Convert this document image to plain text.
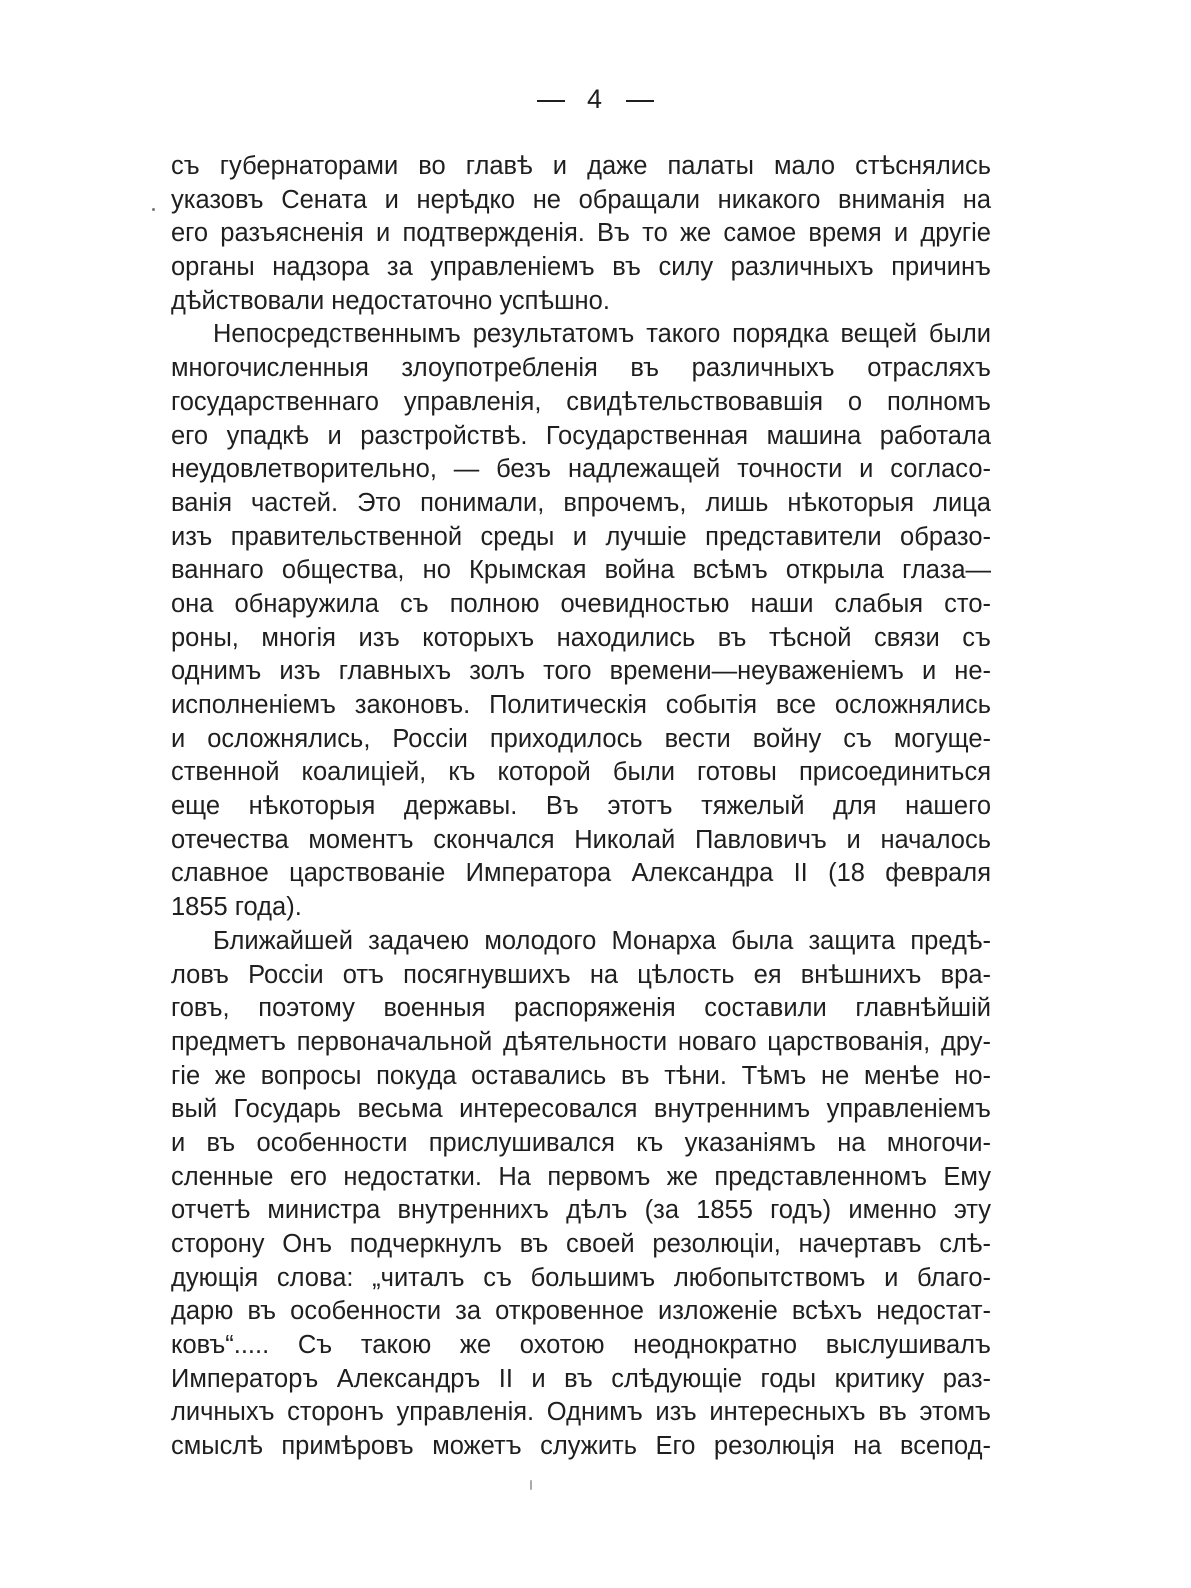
4
съ губернаторами во главѣ и даже палаты мало стѣснялись
указовъ Сената и нерѣдко не обращали никакого вниманія на
его разъясненія и подтвержденія. Въ то же самое время и другіе
органы надзора за управленіемъ въ силу различныхъ причинъ
дѣйствовали недостаточно успѣшно.
Непосредственнымъ результатомъ такого порядка вещей были
многочисленныя злоупотребленія въ различныхъ отрасляхъ
государственнаго управленія, свидѣтельствовавшія о полномъ
его упадкѣ и разстройствѣ. Государственная машина работала
неудовлетворительно, — безъ надлежащей точности и согласо-
ванія частей. Это понимали, впрочемъ, лишь нѣкоторыя лица
изъ правительственной среды и лучшіе представители образо-
ваннаго общества, но Крымская война всѣмъ открыла глаза—
она обнаружила съ полною очевидностью наши слабыя сто-
роны, многія изъ которыхъ находились въ тѣсной связи съ
однимъ изъ главныхъ золъ того времени—неуваженіемъ и не-
исполненіемъ законовъ. Политическія событія все осложнялись
и осложнялись, Россіи приходилось вести войну съ могуще-
ственной коалиціей, къ которой были готовы присоединиться
еще нѣкоторыя державы. Въ этотъ тяжелый для нашего
отечества моментъ скончался Николай Павловичъ и началось
славное царствованіе Императора Александра II (18 февраля
1855 года).
Ближайшей задачею молодого Монарха была защита предѣ-
ловъ Россіи отъ посягнувшихъ на цѣлость ея внѣшнихъ вра-
говъ, поэтому военныя распоряженія составили главнѣйшій
предметъ первоначальной дѣятельности новаго царствованія, дру-
гіе же вопросы покуда оставались въ тѣни. Тѣмъ не менѣе но-
вый Государь весьма интересовался внутреннимъ управленіемъ
и въ особенности прислушивался къ указаніямъ на многочи-
сленные его недостатки. На первомъ же представленномъ Ему
отчетѣ министра внутреннихъ дѣлъ (за 1855 годъ) именно эту
сторону Онъ подчеркнулъ въ своей резолюціи, начертавъ слѣ-
дующія слова: „читалъ съ большимъ любопытствомъ и благо-
дарю въ особенности за откровенное изложеніе всѣхъ недостат-
ковъ“..... Съ такою же охотою неоднократно выслушивалъ
Императоръ Александръ II и въ слѣдующіе годы критику раз-
личныхъ сторонъ управленія. Однимъ изъ интересныхъ въ этомъ
смыслѣ примѣровъ можетъ служить Его резолюція на всепод-
